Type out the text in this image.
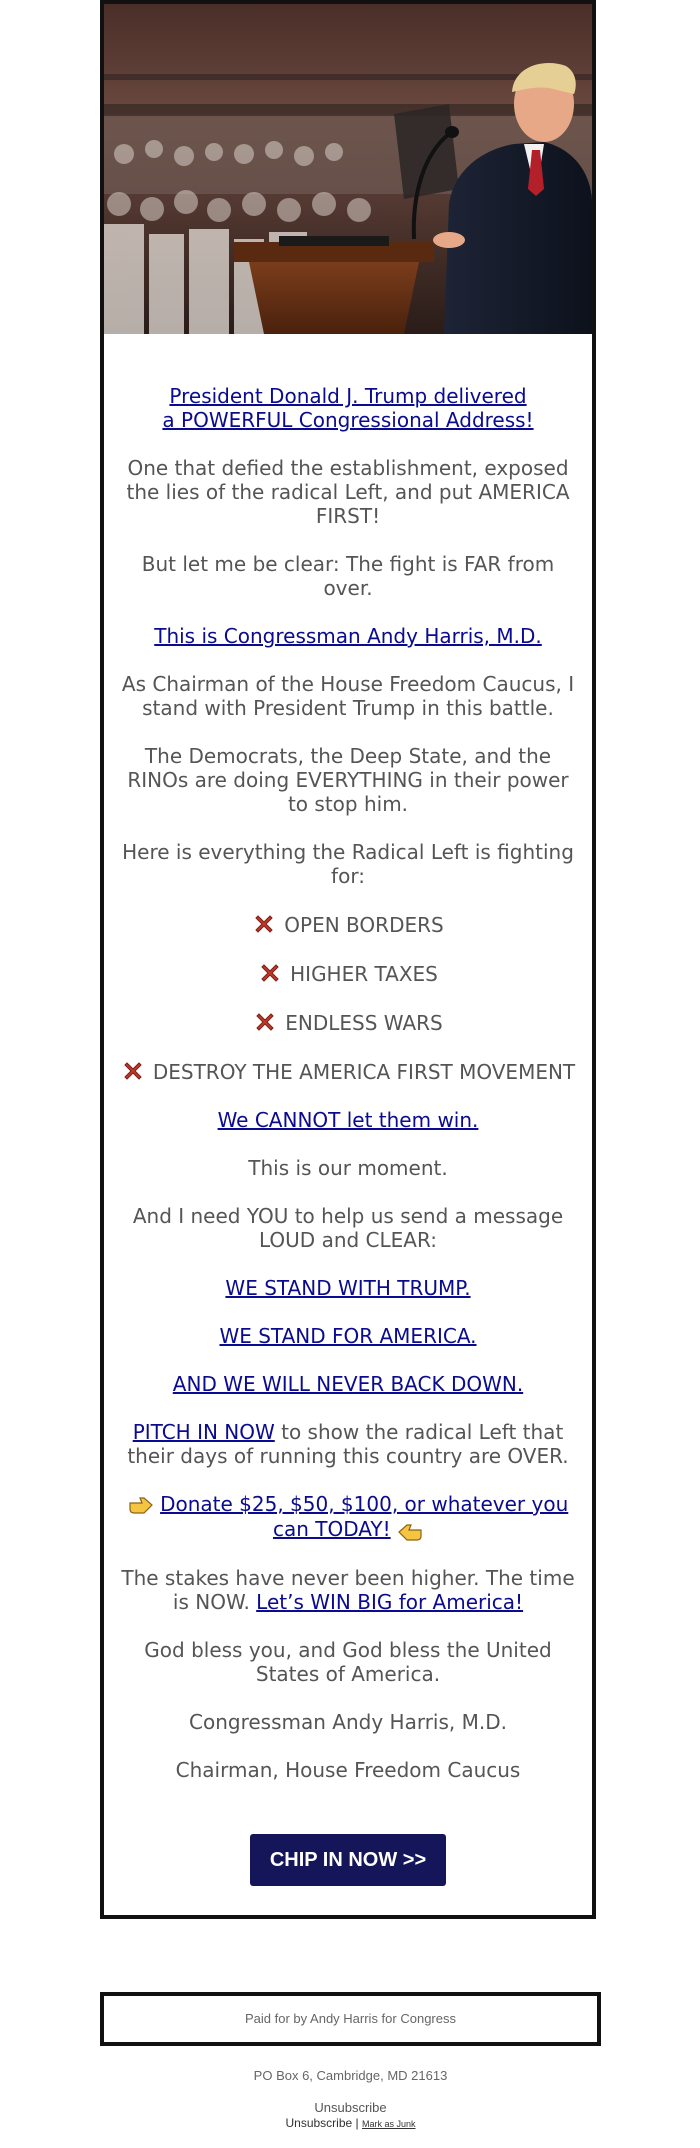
President Donald J. Trump delivered
a POWERFUL Congressional Address!

One that defied the establishment, exposed the lies of the radical Left, and put AMERICA FIRST!

But let me be clear: The fight is FAR from over.

This is Congressman Andy Harris, M.D.

As Chairman of the House Freedom Caucus, I stand with President Trump in this battle.

The Democrats, the Deep State, and the RINOs are doing EVERYTHING in their power to stop him.

Here is everything the Radical Left is fighting for:

OPEN BORDERS

HIGHER TAXES

ENDLESS WARS

DESTROY THE AMERICA FIRST MOVEMENT

We CANNOT let them win.

This is our moment.

And I need YOU to help us send a message LOUD and CLEAR:

WE STAND WITH TRUMP.

WE STAND FOR AMERICA.

AND WE WILL NEVER BACK DOWN.

PITCH IN NOW to show the radical Left that their days of running this country are OVER.

Donate $25, $50, $100, or whatever you can TODAY!

The stakes have never been higher. The time is NOW. Let’s WIN BIG for America!

God bless you, and God bless the United States of America.

Congressman Andy Harris, M.D.

Chairman, House Freedom Caucus

CHIP IN NOW >>
Paid for by Andy Harris for Congress
PO Box 6, Cambridge, MD 21613
Unsubscribe
Unsubscribe | Mark as Junk
